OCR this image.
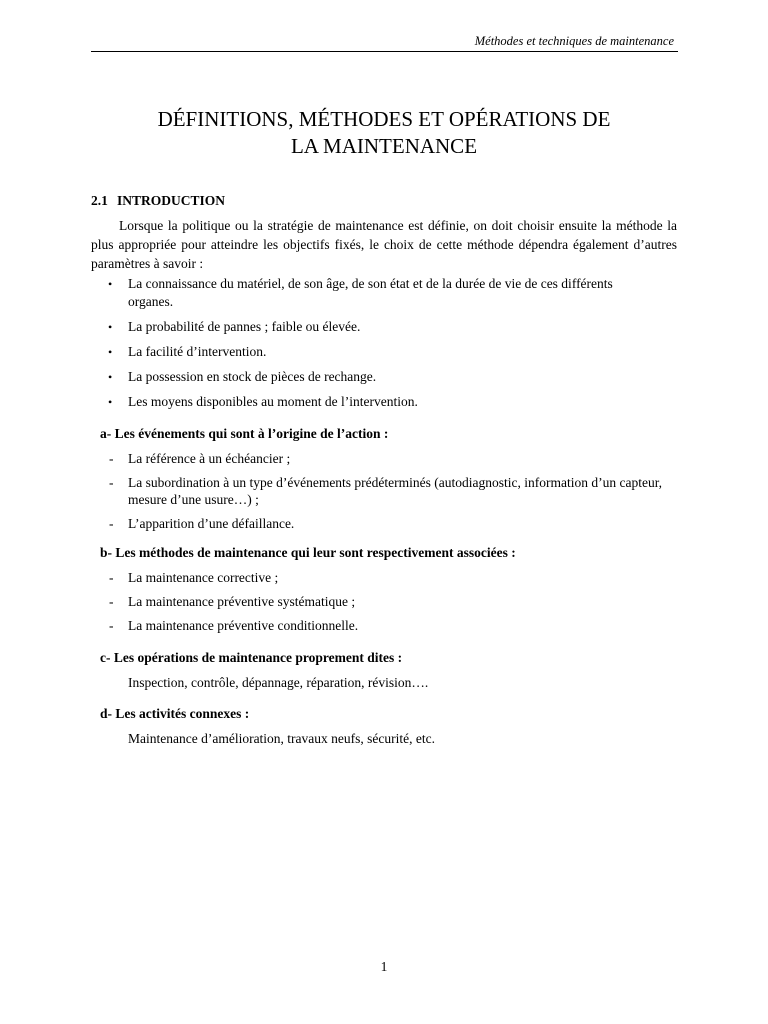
Méthodes et techniques de maintenance
DÉFINITIONS, MÉTHODES ET OPÉRATIONS DE
LA MAINTENANCE
2.1 INTRODUCTION

Lorsque la politique ou la stratégie de maintenance est définie, on doit choisir ensuite la méthode la plus appropriée pour atteindre les objectifs fixés, le choix de cette méthode dépendra également d’autres paramètres à savoir :

• La connaissance du matériel, de son âge, de son état et de la durée de vie de ces différents organes.
• La probabilité de pannes ; faible ou élevée.
• La facilité d’intervention.
• La possession en stock de pièces de rechange.
• Les moyens disponibles au moment de l’intervention.

a- Les événements qui sont à l’origine de l’action :

- La référence à un échéancier ;
- La subordination à un type d’événements prédéterminés (autodiagnostic, information d’un capteur, mesure d’une usure…) ;
- L’apparition d’une défaillance.

b- Les méthodes de maintenance qui leur sont respectivement associées :

- La maintenance corrective ;
- La maintenance préventive systématique ;
- La maintenance préventive conditionnelle.

c- Les opérations de maintenance proprement dites :

Inspection, contrôle, dépannage, réparation, révision….

d- Les activités connexes :

Maintenance d’amélioration, travaux neufs, sécurité, etc.

1
